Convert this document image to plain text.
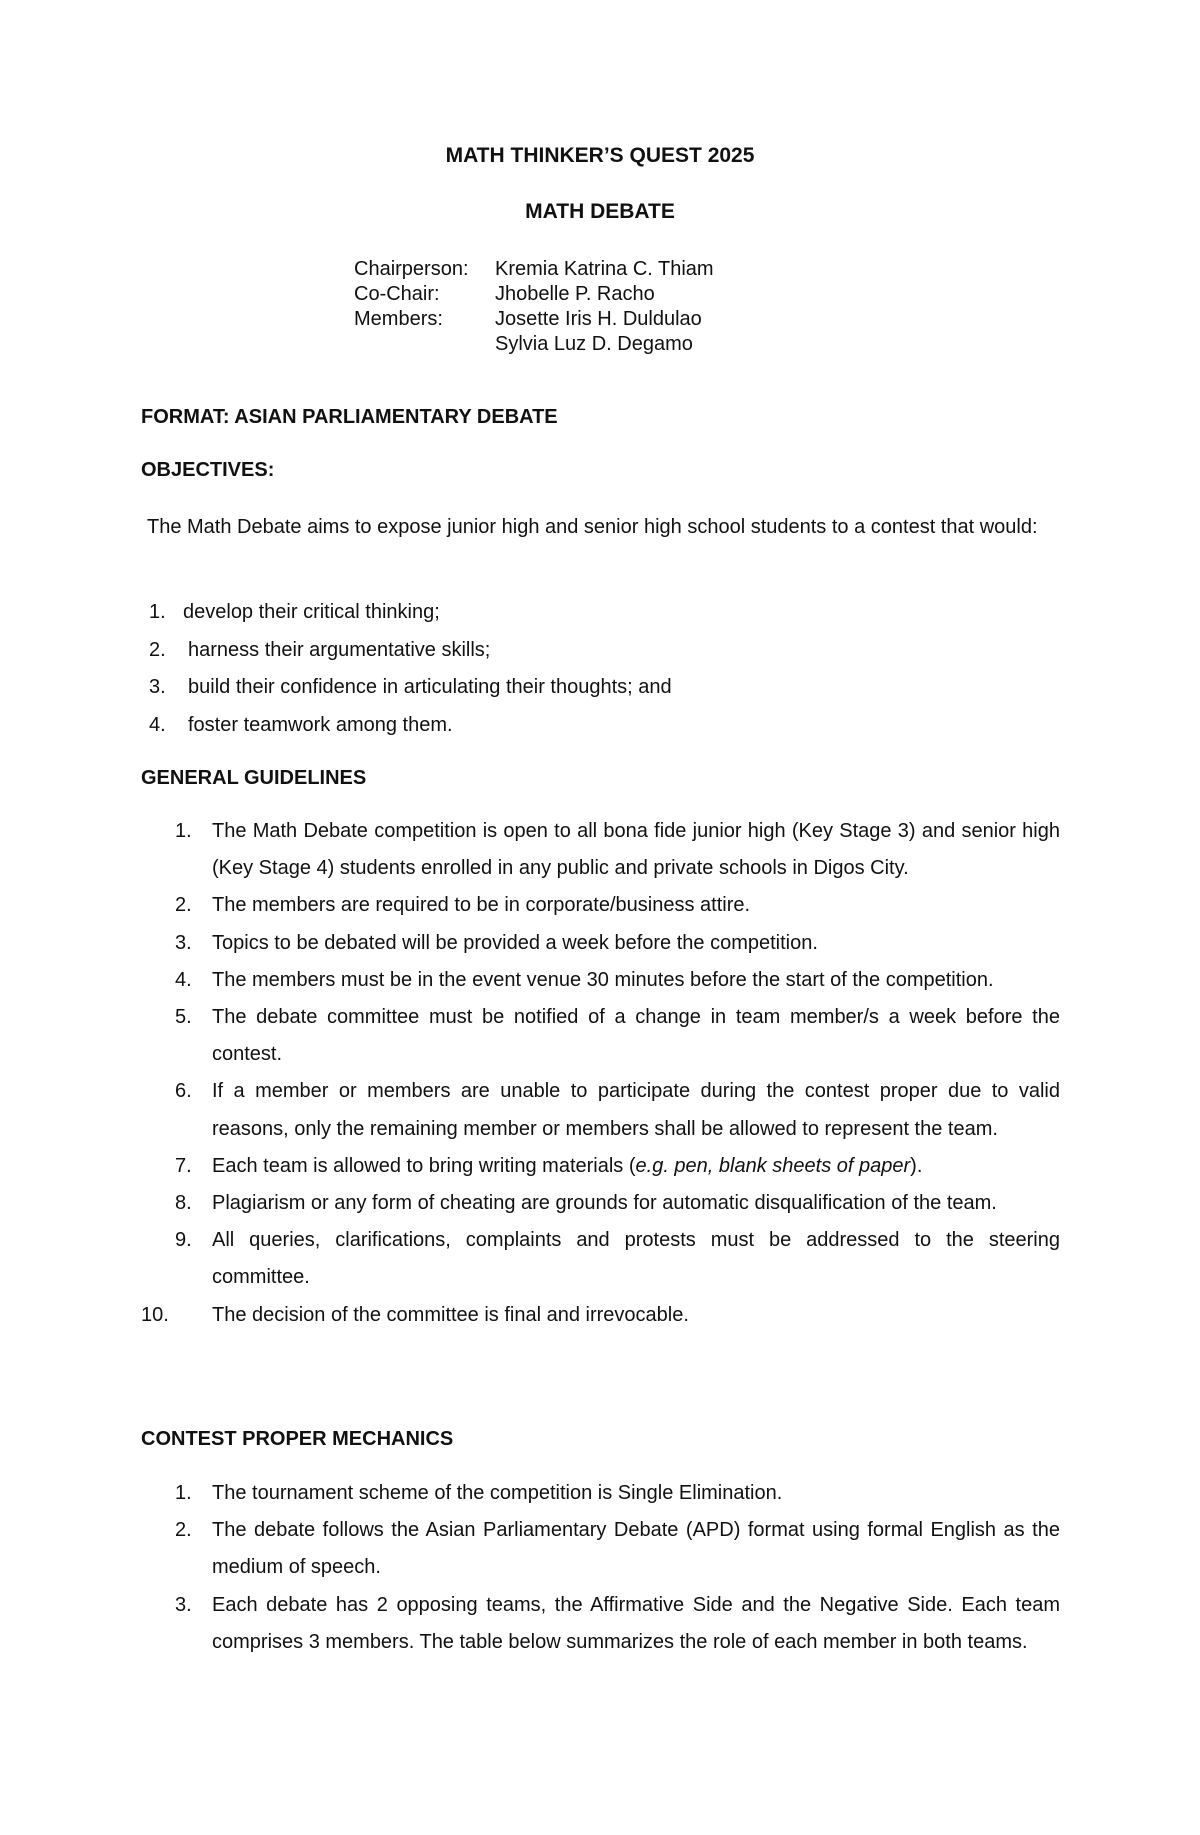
MATH THINKER’S QUEST 2025
MATH DEBATE
Chairperson:	Kremia Katrina C. Thiam
Co-Chair:	Jhobelle P. Racho
Members:	Josette Iris H. Duldulao
Sylvia Luz D. Degamo
FORMAT: ASIAN PARLIAMENTARY DEBATE
OBJECTIVES:
The Math Debate aims to expose junior high and senior high school students to a contest that would:
1. develop their critical thinking;
2. harness their argumentative skills;
3. build their confidence in articulating their thoughts; and
4. foster teamwork among them.
GENERAL GUIDELINES
1. The Math Debate competition is open to all bona fide junior high (Key Stage 3) and senior high (Key Stage 4) students enrolled in any public and private schools in Digos City.
2. The members are required to be in corporate/business attire.
3. Topics to be debated will be provided a week before the competition.
4. The members must be in the event venue 30 minutes before the start of the competition.
5. The debate committee must be notified of a change in team member/s a week before the contest.
6. If a member or members are unable to participate during the contest proper due to valid reasons, only the remaining member or members shall be allowed to represent the team.
7. Each team is allowed to bring writing materials (e.g. pen, blank sheets of paper).
8. Plagiarism or any form of cheating are grounds for automatic disqualification of the team.
9. All queries, clarifications, complaints and protests must be addressed to the steering committee.
10. The decision of the committee is final and irrevocable.
CONTEST PROPER MECHANICS
1. The tournament scheme of the competition is Single Elimination.
2. The debate follows the Asian Parliamentary Debate (APD) format using formal English as the medium of speech.
3. Each debate has 2 opposing teams, the Affirmative Side and the Negative Side. Each team comprises 3 members. The table below summarizes the role of each member in both teams.
